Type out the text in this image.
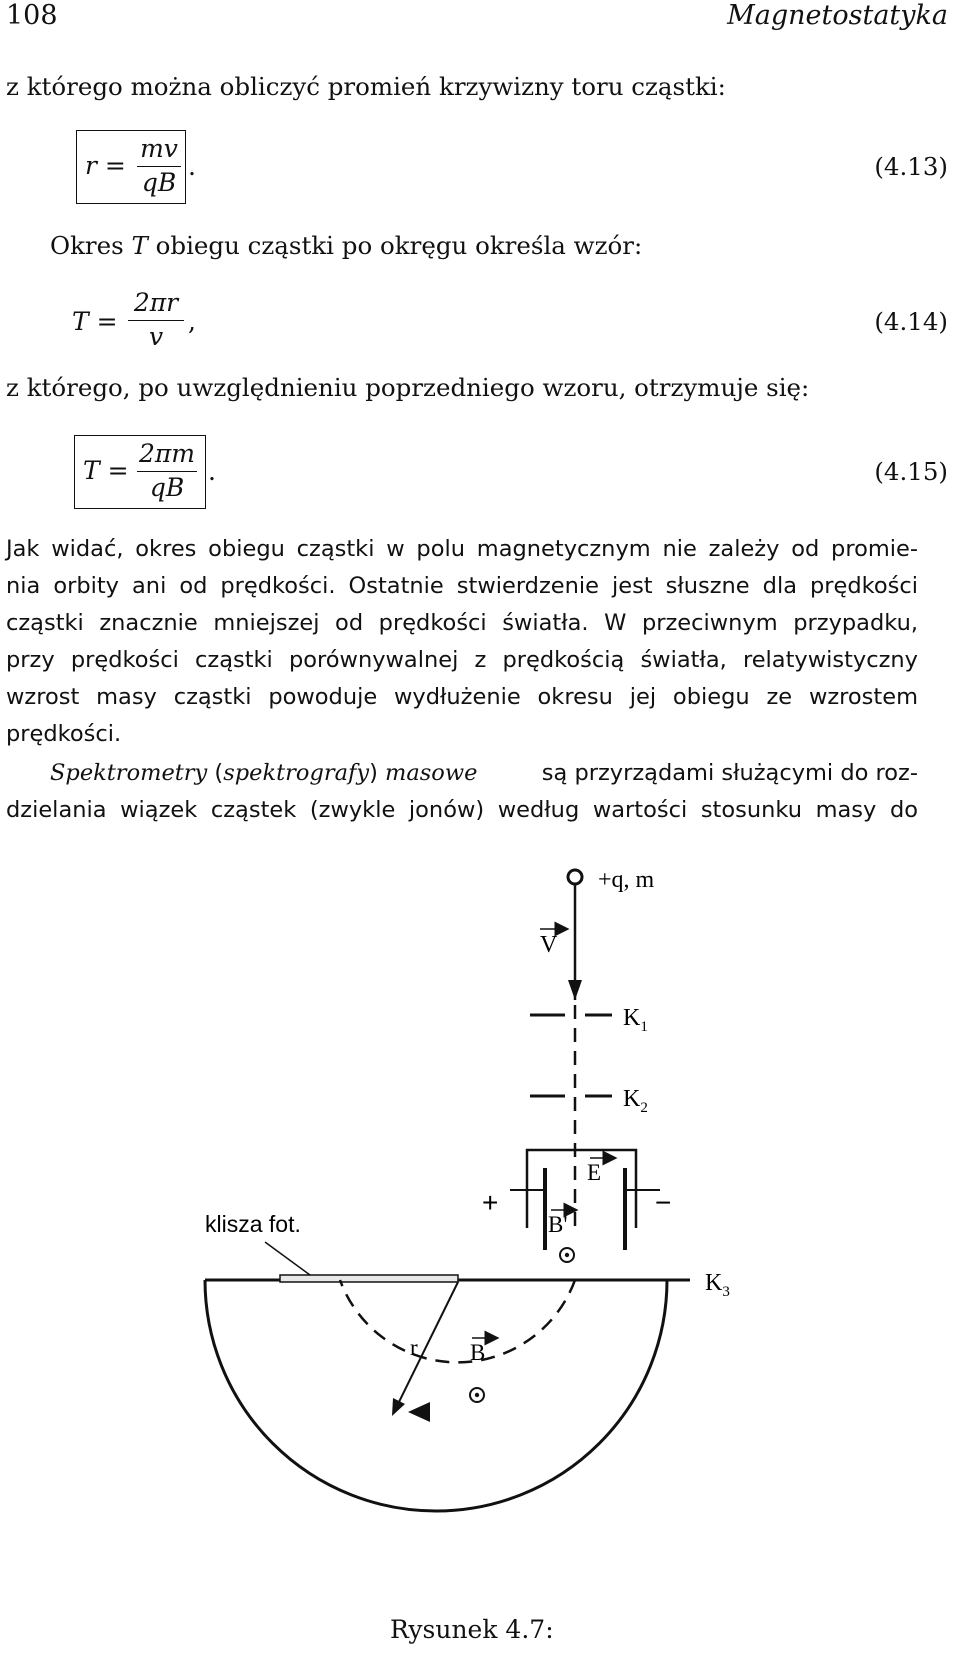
108	Magnetostatyka
z którego można obliczyć promień krzywizny toru cząstki:
r =
mv
qB
.	(4.13)
Okres T obiegu cząstki po okręgu określa wzór:
T =
2πr
v
,	(4.14)
z którego, po uwzględnieniu poprzedniego wzoru, otrzymuje się:
T =
2πm
qB
.	(4.15)
Jak widać, okres obiegu cząstki w polu magnetycznym nie zależy od promie-
nia orbity ani od prędkości. Ostatnie stwierdzenie jest słuszne dla prędkości
cząstki znacznie mniejszej od prędkości światła. W przeciwnym przypadku,
przy prędkości cząstki porównywalnej z prędkością światła, relatywistyczny
wzrost masy cząstki powoduje wydłużenie okresu jej obiegu ze wzrostem
prędkości.
Spektrometry (spektrografy) masowe	są przyrządami służącymi do roz-
dzielania wiązek cząstek (zwykle jonów) według wartości stosunku masy do
+q, m
V
$K_1$
$K_2$
+	−
E
B'
$K_3$
klisza fot.
r B
Rysunek 4.7:
